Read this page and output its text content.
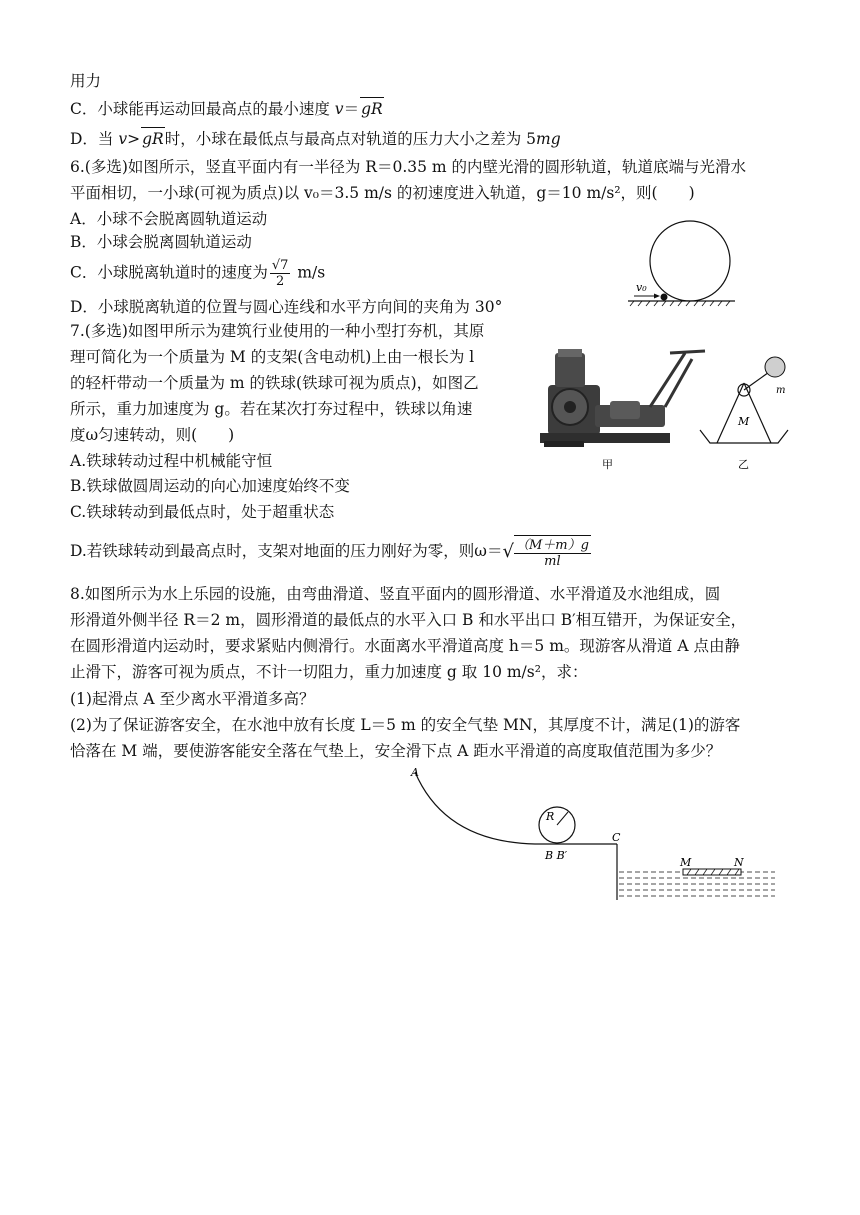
用力
C．小球能再运动回最高点的最小速度 v＝ gR
D．当 v> gR时，小球在最低点与最高点对轨道的压力大小之差为 5mg
6.(多选)如图所示，竖直平面内有一半径为 R＝0.35 m 的内壁光滑的圆形轨道，轨道底端与光滑水
平面相切，一小球(可视为质点)以 v₀＝3.5 m/s 的初速度进入轨道，g＝10 m/s²，则(　　)
A．小球不会脱离圆轨道运动
B．小球会脱离圆轨道运动
C．小球脱离轨道时的速度为 $\frac{√7}{2} m/s$
D．小球脱离轨道的位置与圆心连线和水平方向间的夹角为 30°
7.(多选)如图甲所示为建筑行业使用的一种小型打夯机，其原
理可简化为一个质量为 M 的支架(含电动机)上由一根长为 l
的轻杆带动一个质量为 m 的铁球(铁球可视为质点)，如图乙
所示，重力加速度为 g。若在某次打夯过程中，铁球以角速
度ω匀速转动，则(　　)
A.铁球转动过程中机械能守恒
B.铁球做圆周运动的向心加速度始终不变
C.铁球转动到最低点时，处于超重状态
D.若铁球转动到最高点时，支架对地面的压力刚好为零，则$\omega=√ \frac{(M+m)g}{ml}$
8.如图所示为水上乐园的设施，由弯曲滑道、竖直平面内的圆形滑道、水平滑道及水池组成，圆
形滑道外侧半径 R＝2 m，圆形滑道的最低点的水平入口 B 和水平出口 B′相互错开，为保证安全，
在圆形滑道内运动时，要求紧贴内侧滑行。水面离水平滑道高度 h＝5 m。现游客从滑道 A 点由静
止滑下，游客可视为质点，不计一切阻力，重力加速度 g 取 10 m/s²，求：
(1)起滑点 A 至少离水平滑道多高？
(2)为了保证游客安全，在水池中放有长度 L＝5 m 的安全气垫 MN，其厚度不计，满足(1)的游客
恰落在 M 端，要使游客能安全落在气垫上，安全滑下点 A 距水平滑道的高度取值范围为多少？
v₀
甲
m
M
乙
R
A
C
B B′
M	N
